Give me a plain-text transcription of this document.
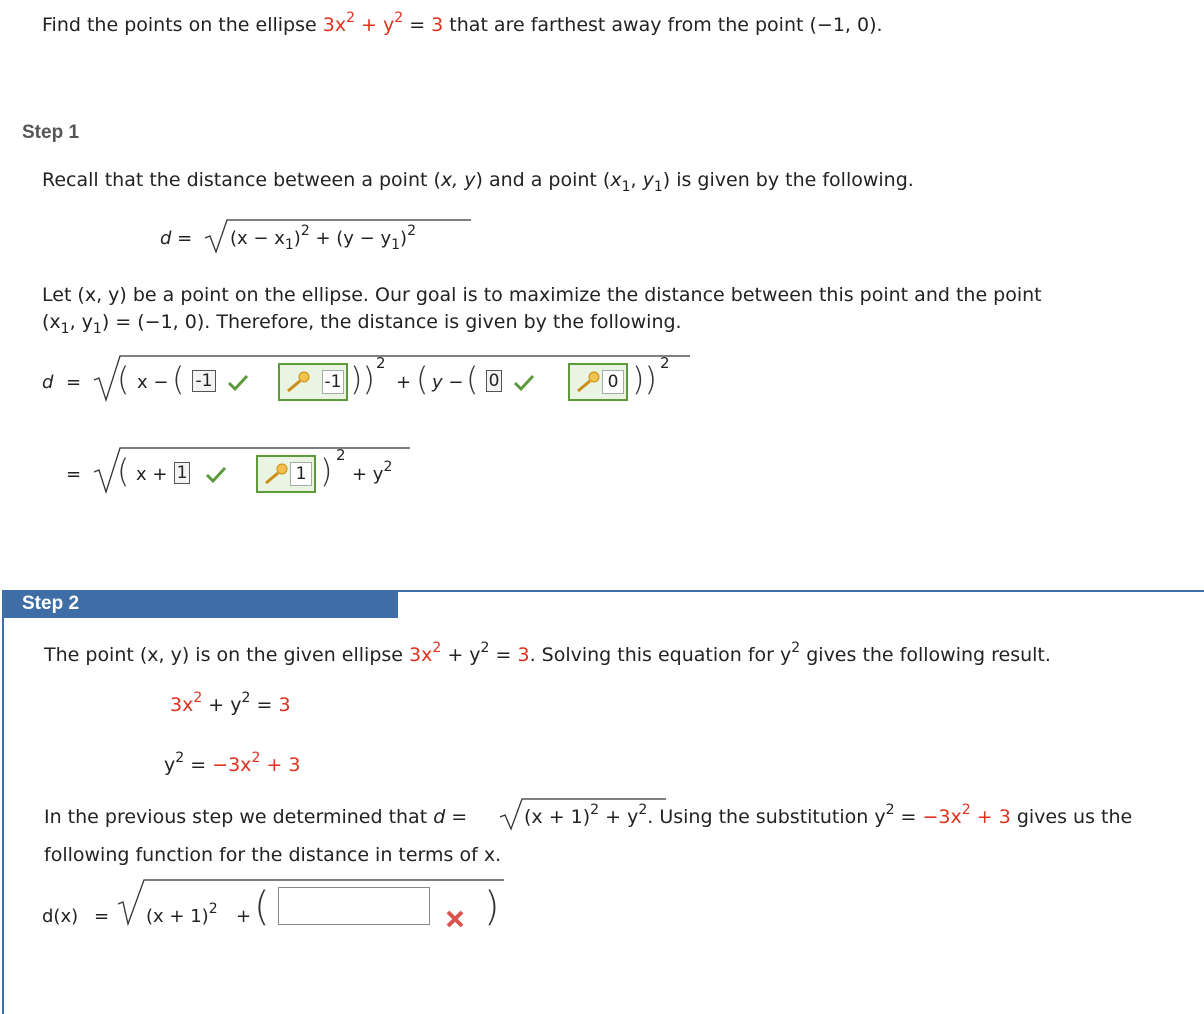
Find the points on the ellipse $3x^2 + y^2 = 3$ that are farthest away from the point (−1, 0).
Step 1
Recall that the distance between a point (x, y) and a point ($x_1$, $y_1$) is given by the following.
$d = (x - x_1)^2 + (y - y_1)^2$
Let (x, y) be a point on the ellipse. Our goal is to maximize the distance between this point and the point
($x_1$, $y_1) = (-1$, 0). Therefore, the distance is given by the following.
d = ( x − ( -1	-1 )) 2
+ ( y − ( 0	0 )) 2
= ( x + 1	1 ) 2
+ $y^2$
Step 2
The point (x, y) is on the given ellipse $3x^2 + y^2 = 3$. Solving this equation for $y^2$ gives the following result.
$3x^2 + y^2 = 3$
$y^2 = -3x^2 + 3$
In the previous step we determined that d =	$(x + 1)^2 + y^2$. Using the substitution $y^2 = -3x^2 + 3$ gives us the
following function for the distance in terms of x.
$d(x) = (x + 1)^2$ + (	)
